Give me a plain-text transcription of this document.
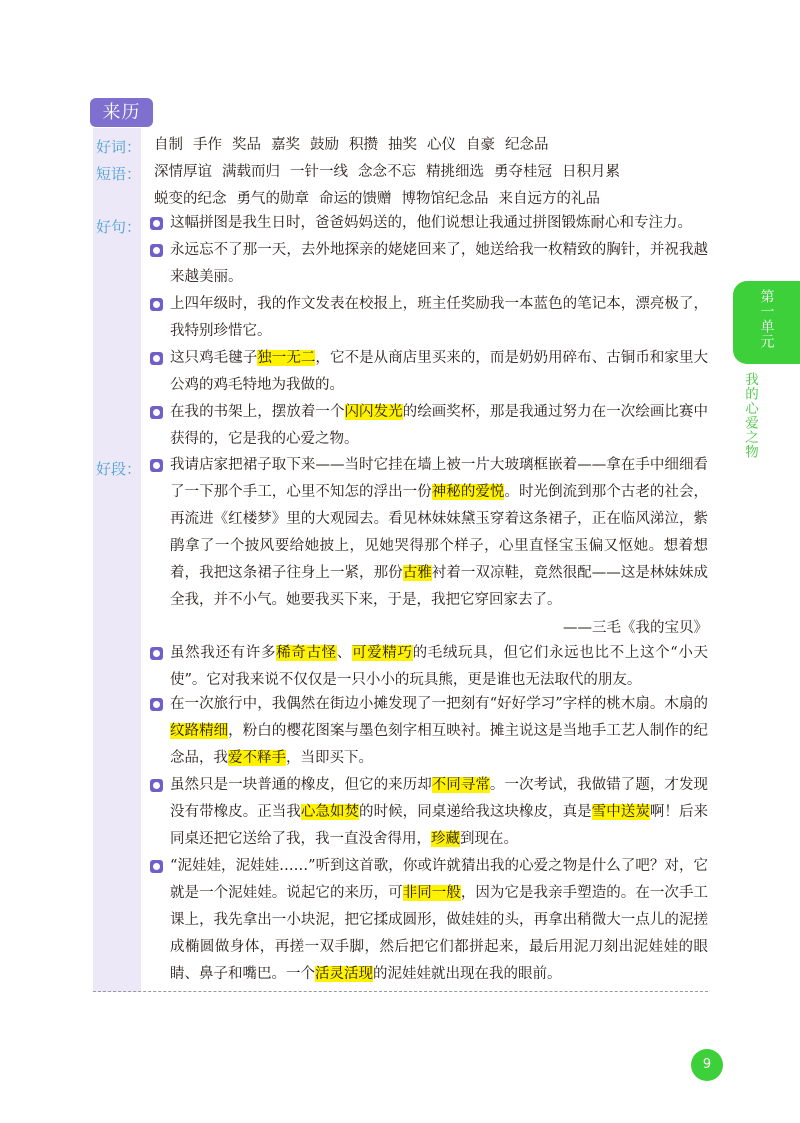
来历
好词：
短语：
好句：
好段：
自制 手作 奖品 嘉奖 鼓励 积攒 抽奖 心仪 自豪 纪念品
深情厚谊 满载而归 一针一线 念念不忘 精挑细选 勇夺桂冠 日积月累
蜕变的纪念 勇气的勋章 命运的馈赠 博物馆纪念品 来自远方的礼品
这幅拼图是我生日时，爸爸妈妈送的，他们说想让我通过拼图锻炼耐心和专注力。
永远忘不了那一天，去外地探亲的姥姥回来了，她送给我一枚精致的胸针，并祝我越来越美丽。
上四年级时，我的作文发表在校报上，班主任奖励我一本蓝色的笔记本，漂亮极了，我特别珍惜它。
这只鸡毛毽子独一无二，它不是从商店里买来的，而是奶奶用碎布、古铜币和家里大公鸡的鸡毛特地为我做的。
在我的书架上，摆放着一个闪闪发光的绘画奖杯，那是我通过努力在一次绘画比赛中获得的，它是我的心爱之物。
我请店家把裙子取下来——当时它挂在墙上被一片大玻璃框嵌着——拿在手中细细看了一下那个手工，心里不知怎的浮出一份神秘的爱悦。时光倒流到那个古老的社会，再流进《红楼梦》里的大观园去。看见林妹妹黛玉穿着这条裙子，正在临风涕泣，紫鹃拿了一个披风要给她披上，见她哭得那个样子，心里直怪宝玉偏又怄她。想着想着，我把这条裙子往身上一紧，那份古雅衬着一双凉鞋，竟然很配——这是林妹妹成全我，并不小气。她要我买下来，于是，我把它穿回家去了。
——三毛《我的宝贝》
虽然我还有许多稀奇古怪、可爱精巧的毛绒玩具，但它们永远也比不上这个“小天使”。它对我来说不仅仅是一只小小的玩具熊，更是谁也无法取代的朋友。
在一次旅行中，我偶然在街边小摊发现了一把刻有“好好学习”字样的桃木扇。木扇的纹路精细，粉白的樱花图案与墨色刻字相互映衬。摊主说这是当地手工艺人制作的纪念品，我爱不释手，当即买下。
虽然只是一块普通的橡皮，但它的来历却不同寻常。一次考试，我做错了题，才发现没有带橡皮。正当我心急如焚的时候，同桌递给我这块橡皮，真是雪中送炭啊！后来同桌还把它送给了我，我一直没舍得用，珍藏到现在。
“泥娃娃，泥娃娃……”听到这首歌，你或许就猜出我的心爱之物是什么了吧？对，它就是一个泥娃娃。说起它的来历，可非同一般，因为它是我亲手塑造的。在一次手工课上，我先拿出一小块泥，把它揉成圆形，做娃娃的头，再拿出稍微大一点儿的泥搓成椭圆做身体，再搓一双手脚，然后把它们都拼起来，最后用泥刀刻出泥娃娃的眼睛、鼻子和嘴巴。一个活灵活现的泥娃娃就出现在我的眼前。
第一单元
我的心爱之物
9
